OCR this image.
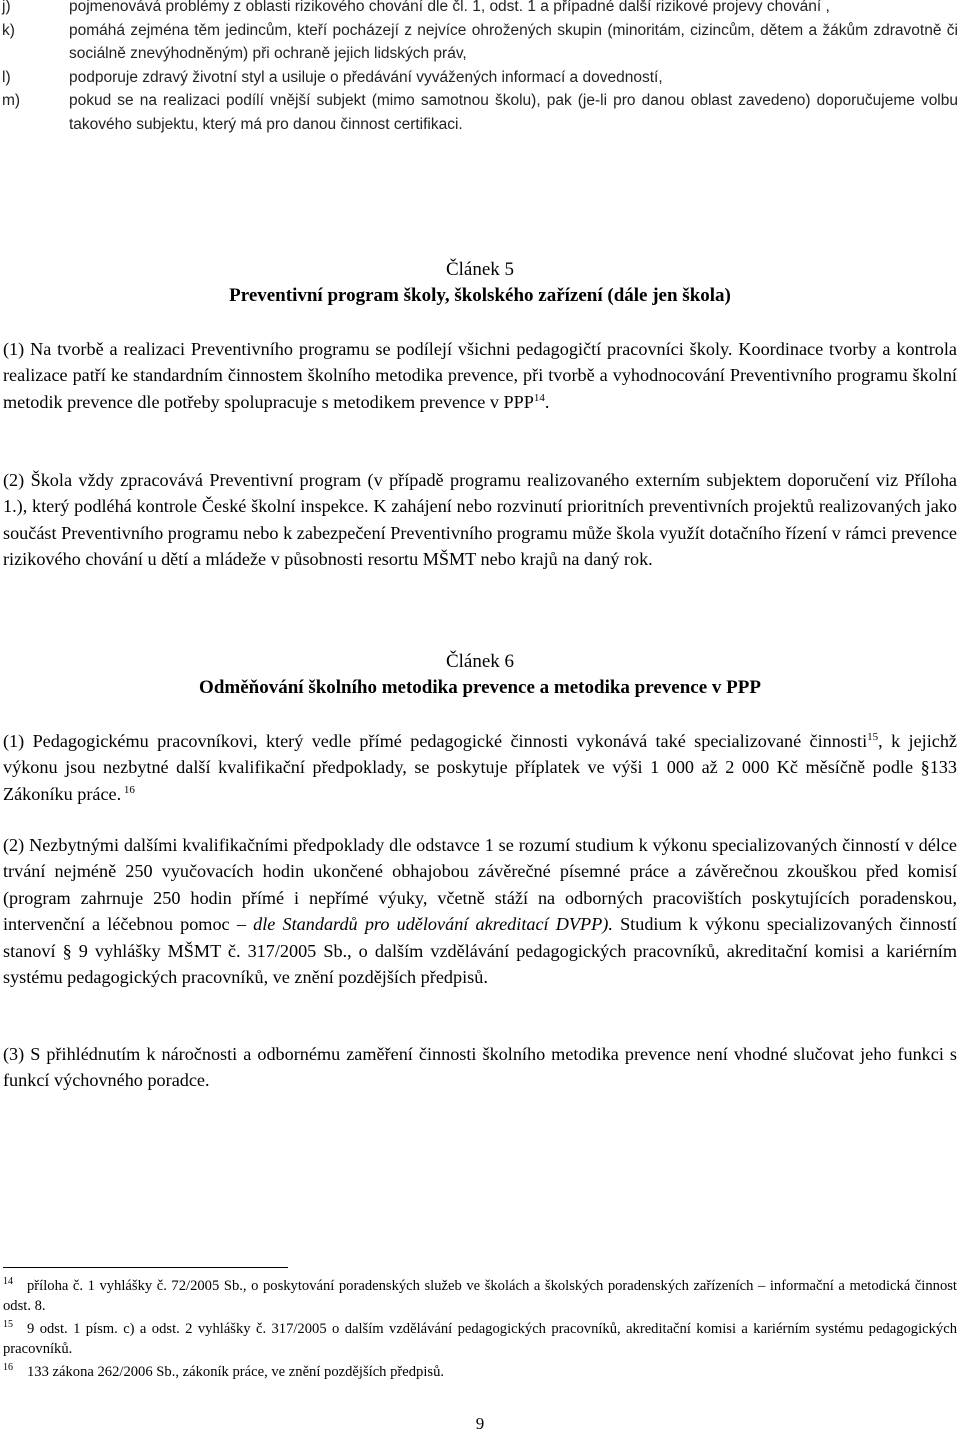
j)	pojmenovává problémy z oblasti rizikového chování dle čl. 1, odst. 1 a případné další rizikové projevy chování ,

k)	pomáhá zejména těm jedincům, kteří pocházejí z nejvíce ohrožených skupin (minoritám, cizincům, dětem a žákům zdravotně či sociálně znevýhodněným) při ochraně jejich lidských práv,

l)	podporuje zdravý životní styl a usiluje o předávání vyvážených informací a dovedností,

m)	pokud se na realizaci podílí vnější subjekt (mimo samotnou školu), pak (je-li pro danou oblast zavedeno) doporučujeme volbu takového subjektu, který má pro danou činnost certifikaci.

Článek 5
Preventivní program školy, školského zařízení (dále jen škola)

(1) Na tvorbě a realizaci Preventivního programu se podílejí všichni pedagogičtí pracovníci školy. Koordinace tvorby a kontrola realizace patří ke standardním činnostem školního metodika prevence, při tvorbě a vyhodnocování Preventivního programu školní metodik prevence dle potřeby spolupracuje s metodikem prevence v PPP$^{14}$.

(2) Škola vždy zpracovává Preventivní program (v případě programu realizovaného externím subjektem doporučení viz Příloha 1.), který podléhá kontrole České školní inspekce. K zahájení nebo rozvinutí prioritních preventivních projektů realizovaných jako součást Preventivního programu nebo k zabezpečení Preventivního programu může škola využít dotačního řízení v rámci prevence rizikového chování u dětí a mládeže v působnosti resortu MŠMT nebo krajů na daný rok.

Článek 6
Odměňování školního metodika prevence a metodika prevence v PPP

(1) Pedagogickému pracovníkovi, který vedle přímé pedagogické činnosti vykonává také specializované činnosti$^{15}$, k jejichž výkonu jsou nezbytné další kvalifikační předpoklady, se poskytuje příplatek ve výši 1 000 až 2 000 Kč měsíčně podle §133 Zákoníku práce. $^{16}$

(2) Nezbytnými dalšími kvalifikačními předpoklady dle odstavce 1 se rozumí studium k výkonu specializovaných činností v délce trvání nejméně 250 vyučovacích hodin ukončené obhajobou závěrečné písemné práce a závěrečnou zkouškou před komisí (program zahrnuje 250 hodin přímé i nepřímé výuky, včetně stáží na odborných pracovištích poskytujících poradenskou, intervenční a léčebnou pomoc – dle Standardů pro udělování akreditací DVPP). Studium k výkonu specializovaných činností stanoví § 9 vyhlášky MŠMT č. 317/2005 Sb., o dalším vzdělávání pedagogických pracovníků, akreditační komisi a kariérním systému pedagogických pracovníků, ve znění pozdějších předpisů.

(3) S přihlédnutím k náročnosti a odbornému zaměření činnosti školního metodika prevence není vhodné slučovat jeho funkci s funkcí výchovného poradce.

$^{14}$ příloha č. 1 vyhlášky č. 72/2005 Sb., o poskytování poradenských služeb ve školách a školských poradenských zařízeních – informační a metodická činnost odst. 8.

$^{15}$ 9 odst. 1 písm. c) a odst. 2 vyhlášky č. 317/2005 o dalším vzdělávání pedagogických pracovníků, akreditační komisi a kariérním systému pedagogických pracovníků.

$^{16}$ 133 zákona 262/2006 Sb., zákoník práce, ve znění pozdějších předpisů.

9
